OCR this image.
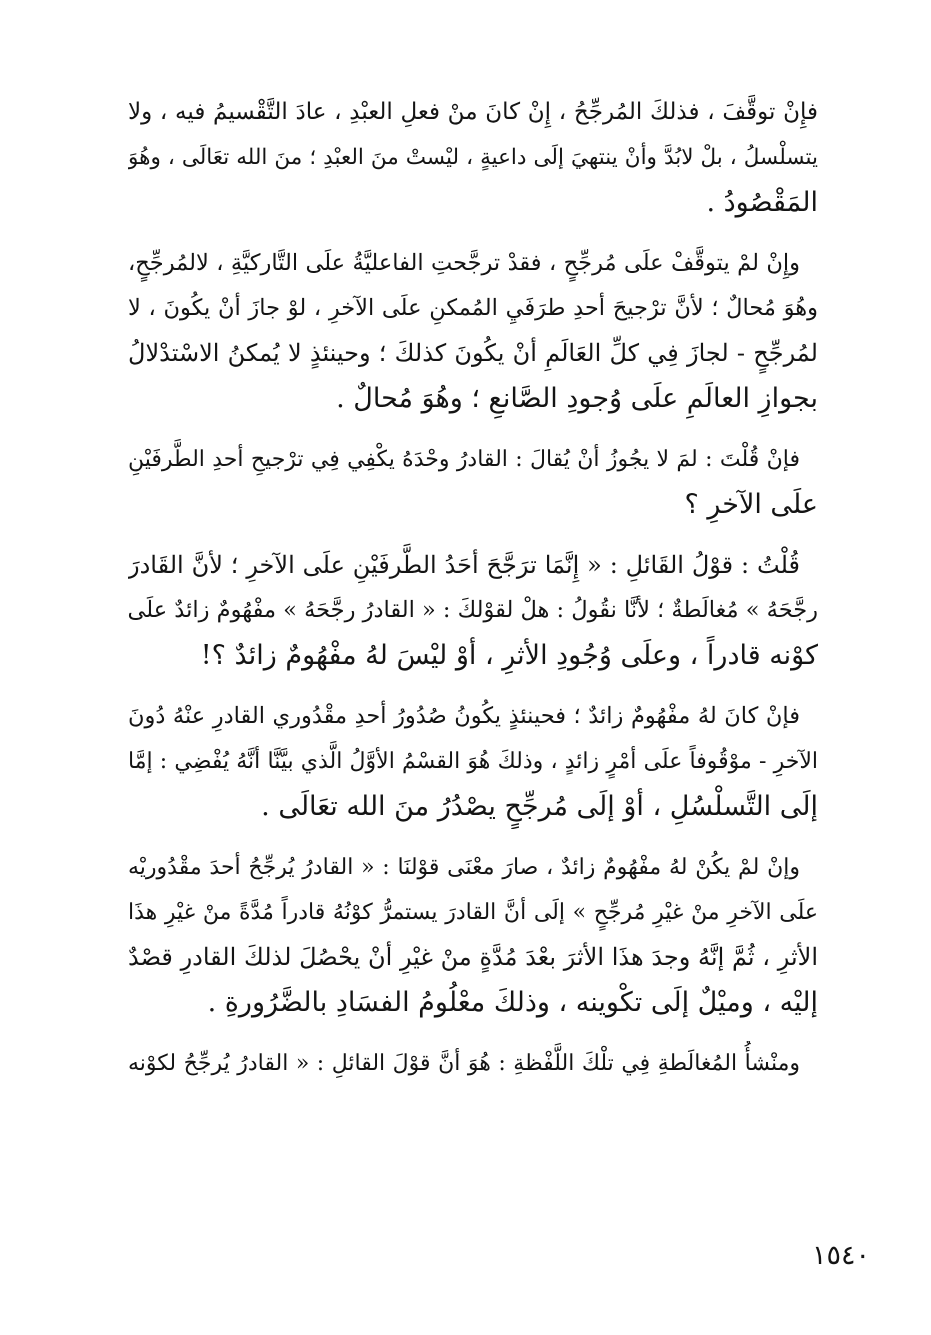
فإِنْ توقَّفَ ، فذلكَ المُرجِّحُ ، إِنْ كانَ منْ فعلِ العبْدِ ، عادَ التَّقْسيمُ فيه ، ولا
يتسلْسلُ ، بلْ لابُدَّ وأنْ ينتهيَ إلَى داعيةٍ ، ليْستْ منَ العبْدِ ؛ منَ الله تعَالَى ، وهُوَ
المَقْصُودُ .
وإِنْ لمْ يتوقَّفْ علَى مُرجِّحٍ ، فقدْ ترجَّحتِ الفاعليَّةُ علَى التَّاركيَّةِ ، لالمُرجِّحٍ،
وهُوَ مُحالٌ ؛ لأنَّ ترْجيحَ أحدِ طرَفَيِ المُمكنِ علَى الآخرِ ، لوْ جازَ أنْ يكُونَ ، لا
لمُرجِّحٍ - لجازَ فِي كلِّ العَالَمِ أنْ يكُونَ كذلكَ ؛ وحينئذٍ لا يُمكنُ الاسْتدْلالُ
بجوازِ العالَمِ علَى وُجودِ الصَّانعِ ؛ وهُوَ مُحالٌ .
فإنْ قُلْتَ : لمَ لا يجُوزُ أنْ يُقالَ : القادرُ وحْدَهُ يكْفِي فِي ترْجيحِ أحدِ الطَّرفَيْنِ
علَى الآخرِ ؟
قُلْتُ : قوْلُ القَائلِ : « إِنَّمَا ترَجَّحَ أحَدُ الطَّرفَيْنِ علَى الآخرِ ؛ لأنَّ القَادرَ
رجَّحَهُ » مُغالَطةٌ ؛ لأنَّا نقُولُ : هلْ لقوْلكَ : « القادرُ رجَّحَهُ » مفْهُومٌ زائدٌ علَى
كوْنه قادراً ، وعلَى وُجُودِ الأثرِ ، أوْ ليْسَ لهُ مفْهُومٌ زائدٌ ؟!
فإنْ كانَ لهُ مفْهُومٌ زائدٌ ؛ فحينئذٍ يكُونُ صُدُورُ أحدِ مقْدُوري القادرِ عنْهُ دُونَ
الآخرِ - موْقُوفاً علَى أمْرٍ زائدٍ ، وذلكَ هُوَ القسْمُ الأوَّلُ الَّذي بيَّنَّا أنَّهُ يُفْضِي : إمَّا
إلَى التَّسلْسُلِ ، أوْ إلَى مُرجِّحٍ يصْدُرُ منَ الله تعَالَى .
وإنْ لمْ يكُنْ لهُ مفْهُومٌ زائدٌ ، صارَ معْنَى قوْلنَا : « القادرُ يُرجِّحُ أحدَ مقْدُوريْه
علَى الآخرِ منْ غيْرِ مُرجِّحٍ » إلَى أنَّ القادرَ يستمرُّ كوْنُهُ قادراً مُدَّةً منْ غيْرِ هذَا
الأثرِ ، ثُمَّ إنَّهُ وجدَ هذَا الأثرَ بعْدَ مُدَّةٍ منْ غيْرِ أنْ يحْصُلَ لذلكَ القادرِ قصْدٌ
إليْه ، وميْلٌ إلَى تكْوينه ، وذلكَ معْلُومُ الفسَادِ بالضَّرُورةِ .
ومنْشأُ المُغالَطةِ فِي تلْكَ اللَّفْظةِ : هُوَ أنَّ قوْلَ القائلِ : « القادرُ يُرجِّحُ لكوْنه
١٥٤٠
